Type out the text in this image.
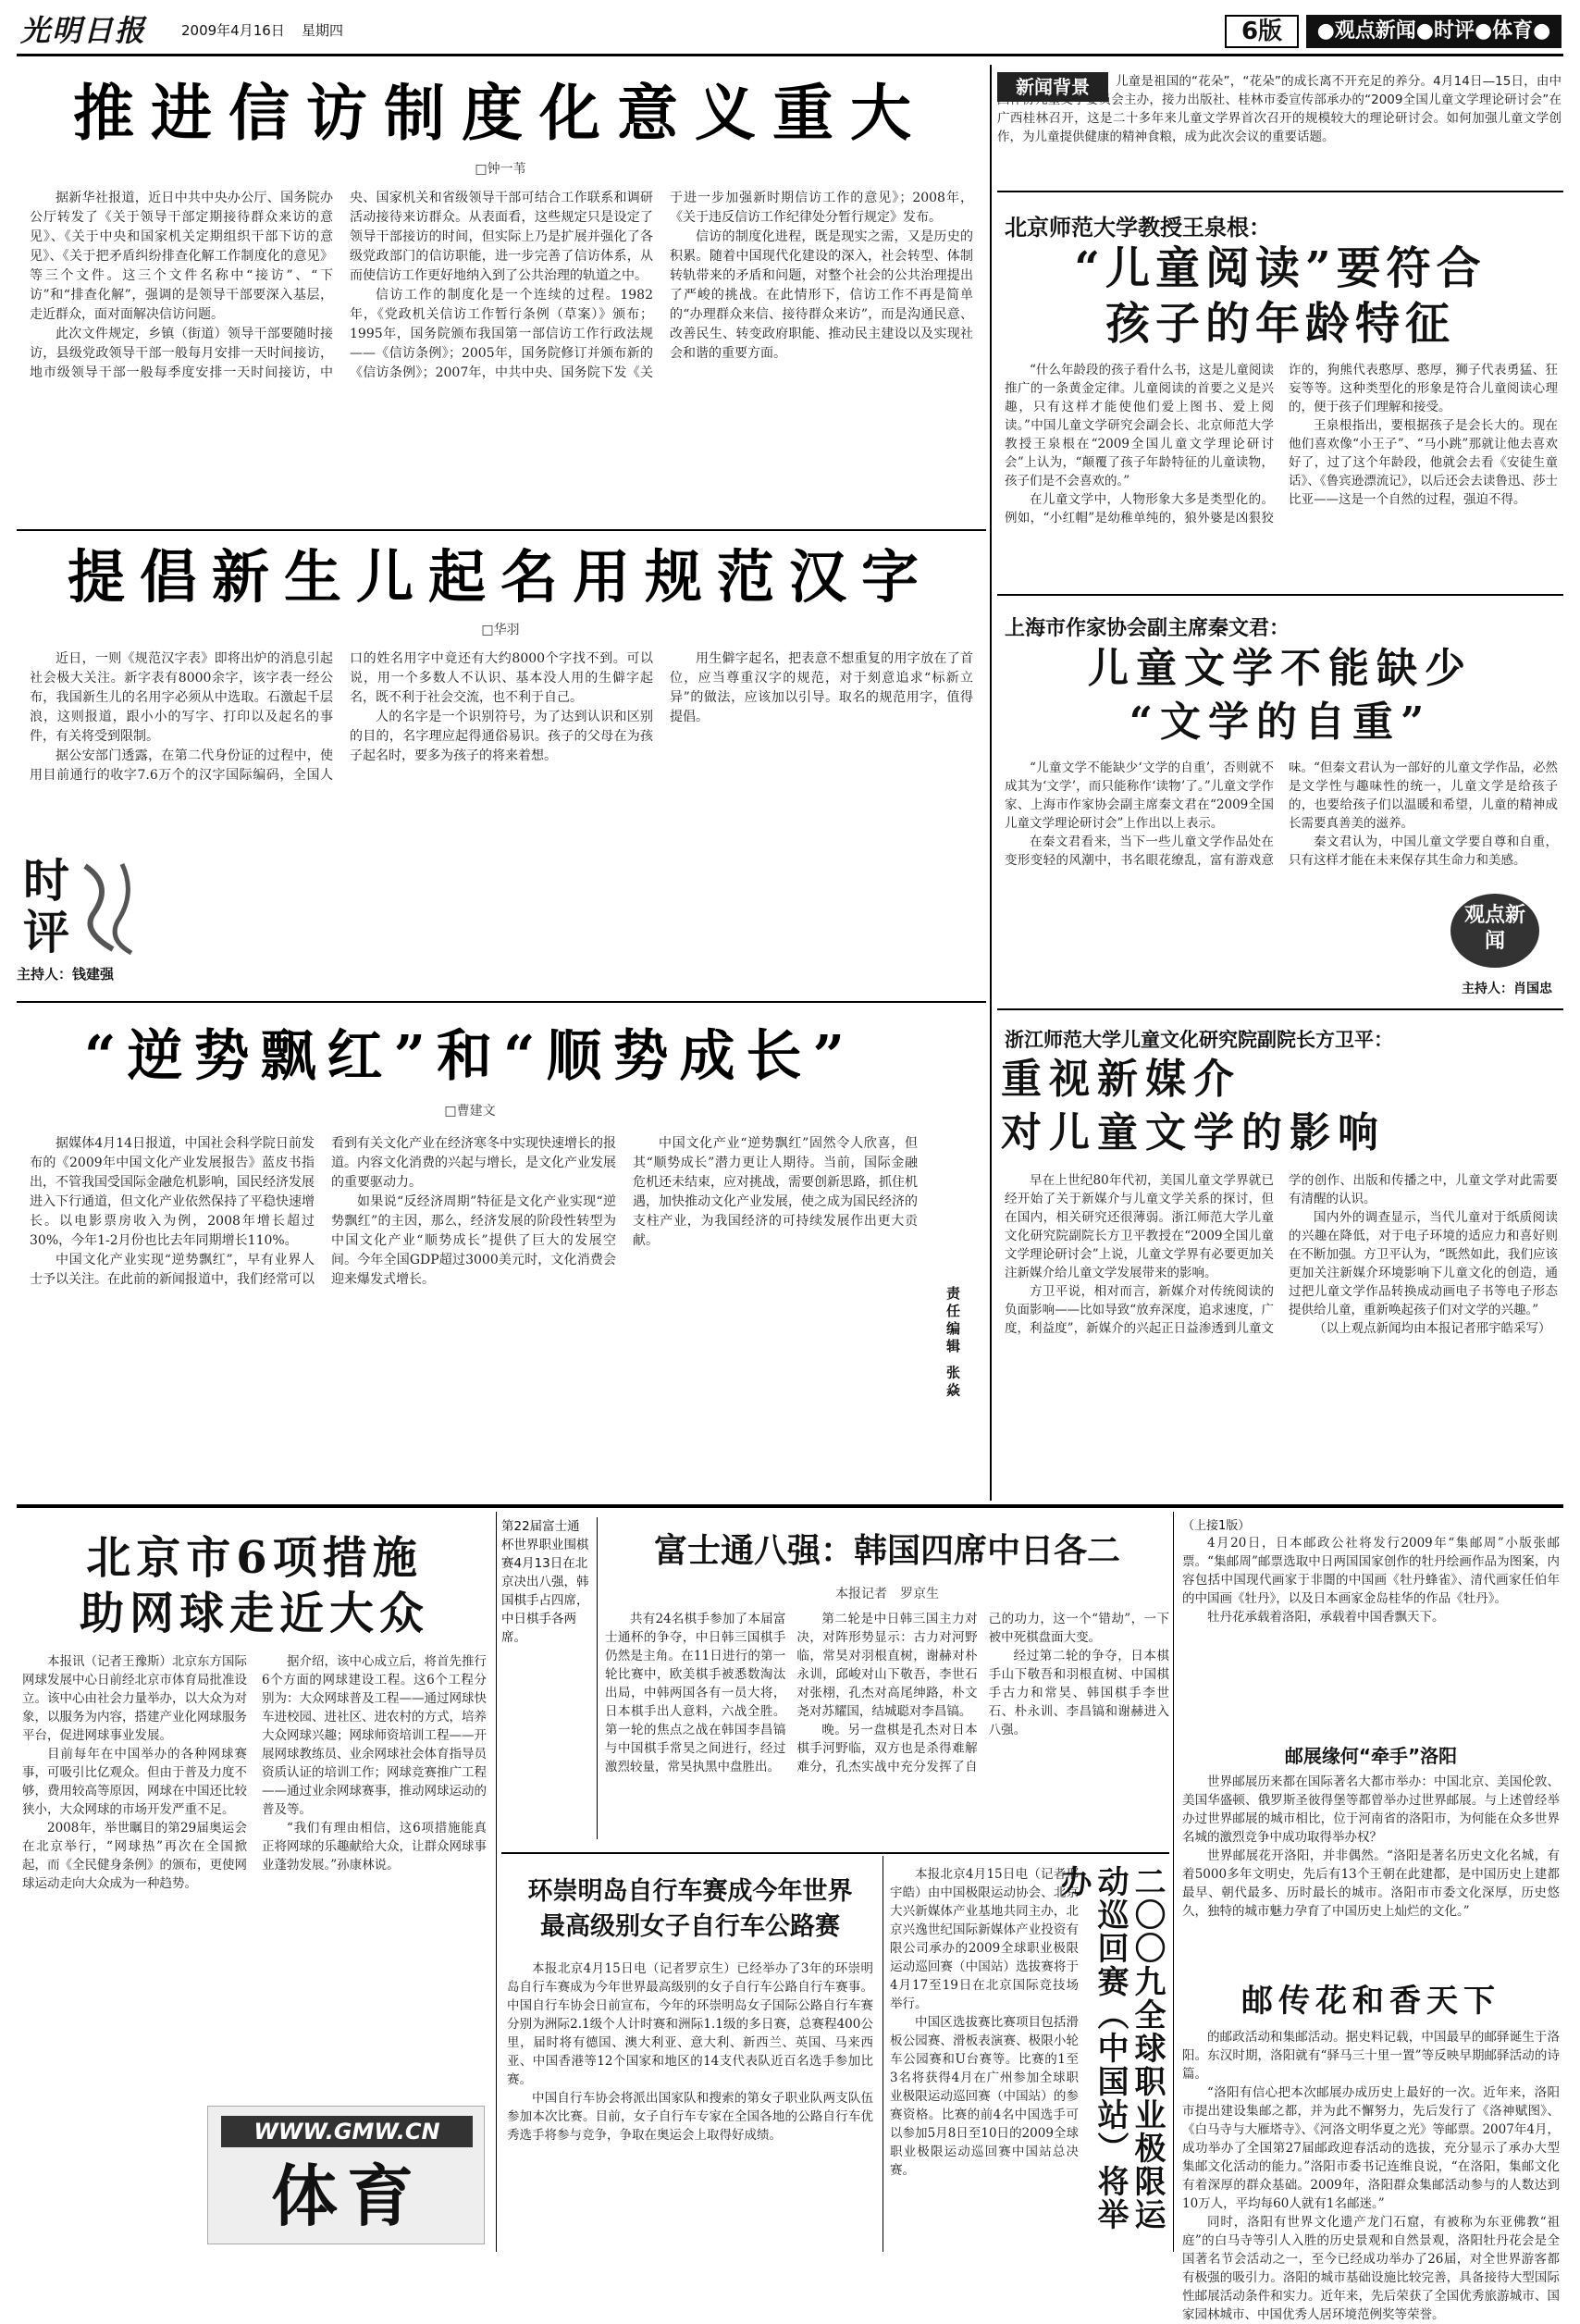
光明日报	2009年4月16日 星期四	6版	●观点新闻●时评●体育●
推进信访制度化意义重大
□钟一苇

据新华社报道，近日中共中央办公厅、国务院办公厅转发了《关于领导干部定期接待群众来访的意见》、《关于中央和国家机关定期组织干部下访的意见》、《关于把矛盾纠纷排查化解工作制度化的意见》等三个文件。这三个文件名称中“接访”、“下访”和“排查化解”，强调的是领导干部要深入基层，走近群众，面对面解决信访问题。

此次文件规定，乡镇（街道）领导干部要随时接访，县级党政领导干部一般每月安排一天时间接访，地市级领导干部一般每季度安排一天时间接访，中央、国家机关和省级领导干部可结合工作联系和调研活动接待来访群众。从表面看，这些规定只是设定了领导干部接访的时间，但实际上乃是扩展并强化了各级党政部门的信访职能，进一步完善了信访体系，从而使信访工作更好地纳入到了公共治理的轨道之中。

信访工作的制度化是一个连续的过程。1982年，《党政机关信访工作暂行条例（草案）》颁布；1995年，国务院颁布我国第一部信访工作行政法规——《信访条例》；2005年，国务院修订并颁布新的《信访条例》；2007年，中共中央、国务院下发《关于进一步加强新时期信访工作的意见》；2008年，《关于违反信访工作纪律处分暂行规定》发布。

信访的制度化进程，既是现实之需，又是历史的积累。随着中国现代化建设的深入，社会转型、体制转轨带来的矛盾和问题，对整个社会的公共治理提出了严峻的挑战。在此情形下，信访工作不再是简单的“办理群众来信、接待群众来访”，而是沟通民意、改善民生、转变政府职能、推动民主建设以及实现社会和谐的重要方面。

提倡新生儿起名用规范汉字
□华羽
时
评
主持人：钱建强

近日，一则《规范汉字表》即将出炉的消息引起社会极大关注。新字表有8000余字，该字表一经公布，我国新生儿的名用字必须从中选取。石激起千层浪，这则报道，跟小小的写字、打印以及起名的事件，有关将受到限制。

据公安部门透露，在第二代身份证的过程中，使用目前通行的收字7.6万个的汉字国际编码，全国人口的姓名用字中竟还有大约8000个字找不到。可以说，用一个多数人不认识、基本没人用的生僻字起名，既不利于社会交流，也不利于自己。

人的名字是一个识别符号，为了达到认识和区别的目的，名字理应起得通俗易识。孩子的父母在为孩子起名时，要多为孩子的将来着想。

用生僻字起名，把表意不想重复的用字放在了首位，应当尊重汉字的规范，对于刻意追求“标新立异”的做法，应该加以引导。取名的规范用字，值得提倡。

“逆势飘红”和“顺势成长”
□曹建文

据媒体4月14日报道，中国社会科学院日前发布的《2009年中国文化产业发展报告》蓝皮书指出，不管我国受国际金融危机影响，国民经济发展进入下行通道，但文化产业依然保持了平稳快速增长。以电影票房收入为例，2008年增长超过30%，今年1-2月份也比去年同期增长110%。

中国文化产业实现“逆势飘红”，早有业界人士予以关注。在此前的新闻报道中，我们经常可以看到有关文化产业在经济寒冬中实现快速增长的报道。内容文化消费的兴起与增长，是文化产业发展的重要驱动力。

如果说“反经济周期”特征是文化产业实现“逆势飘红”的主因，那么，经济发展的阶段性转型为中国文化产业“顺势成长”提供了巨大的发展空间。今年全国GDP超过3000美元时，文化消费会迎来爆发式增长。

中国文化产业“逆势飘红”固然令人欣喜，但其“顺势成长”潜力更让人期待。当前，国际金融危机还未结束，应对挑战，需要创新思路，抓住机遇，加快推动文化产业发展，使之成为国民经济的支柱产业，为我国经济的可持续发展作出更大贡献。

责任编辑 张焱
新闻背景	儿童是祖国的“花朵”，“花朵”的成长离不开充足的养分。4月14日—15日，由中国作协儿童文学委员会主办，接力出版社、桂林市委宣传部承办的“2009全国儿童文学理论研讨会”在广西桂林召开，这是二十多年来儿童文学界首次召开的规模较大的理论研讨会。如何加强儿童文学创作，为儿童提供健康的精神食粮，成为此次会议的重要话题。
北京师范大学教授王泉根：
“儿童阅读”要符合
孩子的年龄特征

“什么年龄段的孩子看什么书，这是儿童阅读推广的一条黄金定律。儿童阅读的首要之义是兴趣，只有这样才能使他们爱上图书、爱上阅读。”中国儿童文学研究会副会长、北京师范大学教授王泉根在“2009全国儿童文学理论研讨会”上认为，“颠覆了孩子年龄特征的儿童读物，孩子们是不会喜欢的。”

在儿童文学中，人物形象大多是类型化的。例如，“小红帽”是幼稚单纯的，狼外婆是凶狠狡诈的，狗熊代表憨厚、憨厚，狮子代表勇猛、狂妄等等。这种类型化的形象是符合儿童阅读心理的，便于孩子们理解和接受。

王泉根指出，要根据孩子是会长大的。现在他们喜欢像“小王子”、“马小跳”那就让他去喜欢好了，过了这个年龄段，他就会去看《安徒生童话》、《鲁宾逊漂流记》，以后还会去读鲁迅、莎士比亚——这是一个自然的过程，强迫不得。

上海市作家协会副主席秦文君：
儿童文学不能缺少
“文学的自重”

“儿童文学不能缺少‘文学的自重’，否则就不成其为‘文学’，而只能称作‘读物’了。”儿童文学作家、上海市作家协会副主席秦文君在“2009全国儿童文学理论研讨会”上作出以上表示。

在秦文君看来，当下一些儿童文学作品处在变形变轻的风潮中，书名眼花缭乱，富有游戏意味。“但秦文君认为一部好的儿童文学作品，必然是文学性与趣味性的统一，儿童文学是给孩子的，也要给孩子们以温暖和希望，儿童的精神成长需要真善美的滋养。

秦文君认为，中国儿童文学要自尊和自重，只有这样才能在未来保存其生命力和美感。

观点新闻
主持人：肖国忠
浙江师范大学儿童文化研究院副院长方卫平：
重视新媒介
对儿童文学的影响

早在上世纪80年代初，美国儿童文学界就已经开始了关于新媒介与儿童文学关系的探讨，但在国内，相关研究还很薄弱。浙江师范大学儿童文化研究院副院长方卫平教授在“2009全国儿童文学理论研讨会”上说，儿童文学界有必要更加关注新媒介给儿童文学发展带来的影响。

方卫平说，相对而言，新媒介对传统阅读的负面影响——比如导致“放弃深度，追求速度，广度，利益度”，新媒介的兴起正日益渗透到儿童文学的创作、出版和传播之中，儿童文学对此需要有清醒的认识。

国内外的调查显示，当代儿童对于纸质阅读的兴趣在降低，对于电子环境的适应力和喜好则在不断加强。方卫平认为，“既然如此，我们应该更加关注新媒介环境影响下儿童文化的创造，通过把儿童文学作品转换成动画电子书等电子形态提供给儿童，重新唤起孩子们对文学的兴趣。”

（以上观点新闻均由本报记者邢宇皓采写）

北京市6项措施
助网球走近大众

本报讯（记者王豫斯）北京东方国际网球发展中心日前经北京市体育局批准设立。该中心由社会力量举办，以大众为对象，以服务为内容，搭建产业化网球服务平台，促进网球事业发展。

目前每年在中国举办的各种网球赛事，可吸引比亿观众。但由于普及力度不够，费用较高等原因，网球在中国还比较狭小，大众网球的市场开发严重不足。

2008年，举世瞩目的第29届奥运会在北京举行，“网球热”再次在全国掀起，而《全民健身条例》的颁布，更使网球运动走向大众成为一种趋势。

据介绍，该中心成立后，将首先推行6个方面的网球建设工程。这6个工程分别为：大众网球普及工程——通过网球快车进校园、进社区、进农村的方式，培养大众网球兴趣；网球师资培训工程——开展网球教练员、业余网球社会体育指导员资质认证的培训工作；网球竞赛推广工程——通过业余网球赛事，推动网球运动的普及等。

“我们有理由相信，这6项措施能真正将网球的乐趣献给大众，让群众网球事业蓬勃发展。”孙康林说。

WWW.GMW.CN
体育
第22届富士通杯世界职业围棋赛4月13日在北京决出八强，韩国棋手占四席，中日棋手各两席。
富士通八强：韩国四席中日各二
本报记者　罗京生

共有24名棋手参加了本届富士通杯的争夺，中日韩三国棋手仍然是主角。在11日进行的第一轮比赛中，欧美棋手被悉数淘汰出局，中韩两国各有一员大将，日本棋手出人意料，六战全胜。第一轮的焦点之战在韩国李昌镐与中国棋手常昊之间进行，经过激烈较量，常昊执黑中盘胜出。

第二轮是中日韩三国主力对决，对阵形势显示：古力对河野临，常昊对羽根直树，谢赫对朴永训，邱峻对山下敬吾，李世石对张栩，孔杰对高尾绅路，朴文尧对苏耀国，结城聪对李昌镐。

晚。另一盘棋是孔杰对日本棋手河野临，双方也是杀得难解难分，孔杰实战中充分发挥了自己的功力，这一个“错劫”，一下被中死棋盘面大变。

经过第二轮的争夺，日本棋手山下敬吾和羽根直树、中国棋手古力和常昊、韩国棋手李世石、朴永训、李昌镐和谢赫进入八强。

环崇明岛自行车赛成今年世界
最高级别女子自行车公路赛

本报北京4月15日电（记者罗京生）已经举办了3年的环崇明岛自行车赛成为今年世界最高级别的女子自行车公路自行车赛事。中国自行车协会日前宣布，今年的环崇明岛女子国际公路自行车赛分别为洲际2.1级个人计时赛和洲际1.1级的多日赛，总赛程400公里，届时将有德国、澳大利亚、意大利、新西兰、英国、马来西亚、中国香港等12个国家和地区的14支代表队近百名选手参加比赛。

中国自行车协会将派出国家队和搜索的第女子职业队两支队伍参加本次比赛。目前，女子自行车专家在全国各地的公路自行车优秀选手将参与竞争，争取在奥运会上取得好成绩。

本报北京4月15日电（记者邢宇皓）由中国极限运动协会、北京大兴新媒体产业基地共同主办，北京兴逸世纪国际新媒体产业投资有限公司承办的2009全球职业极限运动巡回赛（中国站）选拔赛将于4月17至19日在北京国际竞技场举行。

中国区选拔赛比赛项目包括滑板公园赛、滑板表演赛、极限小轮车公园赛和U台赛等。比赛的1至3名将获得4月在广州参加全球职业极限运动巡回赛（中国站）的参赛资格。比赛的前4名中国选手可以参加5月8日至10日的2009全球职业极限运动巡回赛中国站总决赛。	二〇〇九全球职业极限运动巡回赛（中国站）将举办
（上接1版）

4月20日，日本邮政公社将发行2009年“集邮周”小版张邮票。“集邮周”邮票选取中日两国国家创作的牡丹绘画作品为图案，内容包括中国现代画家于非闇的中国画《牡丹蜂雀》、清代画家任伯年的中国画《牡丹》，以及日本画家金岛桂华的作品《牡丹》。

牡丹花承载着洛阳，承载着中国香飘天下。

邮展缘何“牵手”洛阳

世界邮展历来都在国际著名大都市举办：中国北京、美国伦敦、美国华盛顿、俄罗斯圣彼得堡等都曾举办过世界邮展。与上述曾经举办过世界邮展的城市相比，位于河南省的洛阳市，为何能在众多世界名城的激烈竞争中成功取得举办权？

世界邮展花开洛阳，并非偶然。“洛阳是著名历史文化名城，有着5000多年文明史，先后有13个王朝在此建都，是中国历史上建都最早、朝代最多、历时最长的城市。洛阳市市委文化深厚，历史悠久，独特的城市魅力孕育了中国历史上灿烂的文化。”

邮传花和香天下

的邮政活动和集邮活动。据史料记载，中国最早的邮驿诞生于洛阳。东汉时期，洛阳就有“驿马三十里一置”等反映早期邮驿活动的诗篇。

“洛阳有信心把本次邮展办成历史上最好的一次。近年来，洛阳市提出建设集邮之都，并为此不懈努力，先后发行了《洛神赋图》、《白马寺与大雁塔寺》、《河洛文明华夏之光》等邮票。2007年4月，成功举办了全国第27届邮政迎春活动的选拔，充分显示了承办大型集邮文化活动的能力。”洛阳市委书记连维良说，“在洛阳，集邮文化有着深厚的群众基础。2009年，洛阳群众集邮活动参与的人数达到10万人，平均每60人就有1名邮迷。”

同时，洛阳有世界文化遗产龙门石窟，有被称为东亚佛教“祖庭”的白马寺等引人入胜的历史景观和自然景观，洛阳牡丹花会是全国著名节会活动之一，至今已经成功举办了26届，对全世界游客都有极强的吸引力。洛阳的城市基础设施比较完善，具备接待大型国际性邮展活动条件和实力。近年来，先后荣获了全国优秀旅游城市、国家园林城市、中国优秀人居环境范例奖等荣誉。
